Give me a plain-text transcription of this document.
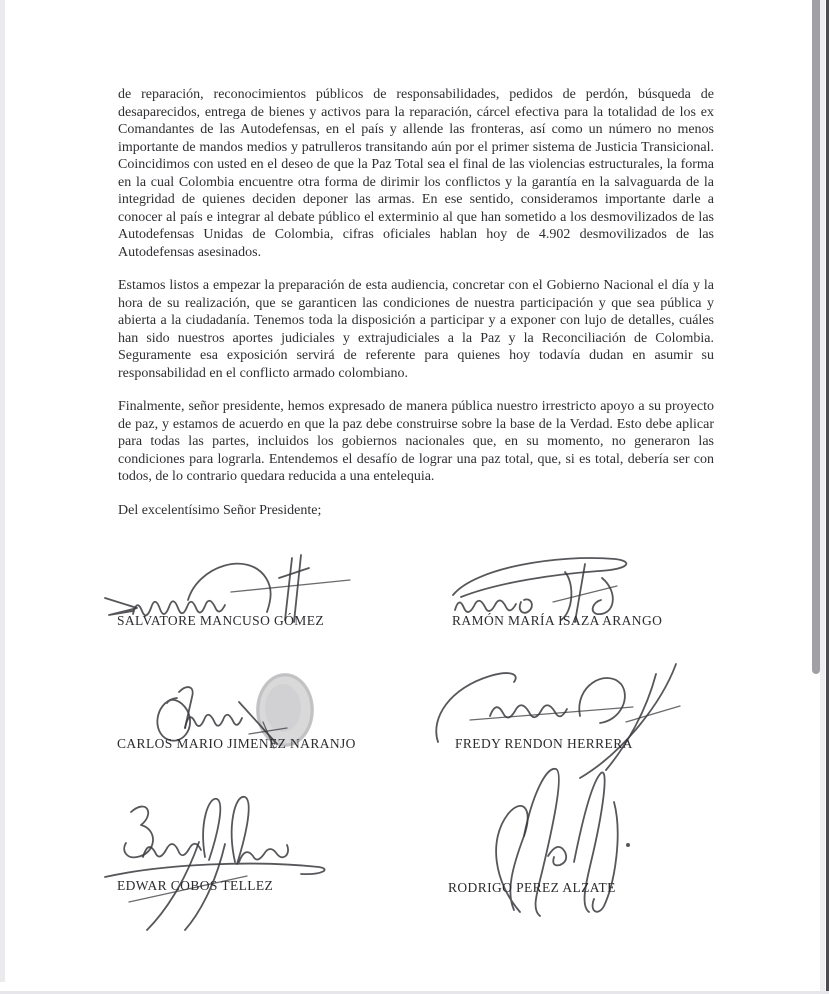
de reparación, reconocimientos públicos de responsabilidades, pedidos de perdón, búsqueda de desaparecidos, entrega de bienes y activos para la reparación, cárcel efectiva para la totalidad de los ex Comandantes de las Autodefensas, en el país y allende las fronteras, así como un número no menos importante de mandos medios y patrulleros transitando aún por el primer sistema de Justicia Transicional. Coincidimos con usted en el deseo de que la Paz Total sea el final de las violencias estructurales, la forma en la cual Colombia encuentre otra forma de dirimir los conflictos y la garantía en la salvaguarda de la integridad de quienes deciden deponer las armas. En ese sentido, consideramos importante darle a conocer al país e integrar al debate público el exterminio al que han sometido a los desmovilizados de las Autodefensas Unidas de Colombia, cifras oficiales hablan hoy de 4.902 desmovilizados de las Autodefensas asesinados.

Estamos listos a empezar la preparación de esta audiencia, concretar con el Gobierno Nacional el día y la hora de su realización, que se garanticen las condiciones de nuestra participación y que sea pública y abierta a la ciudadanía. Tenemos toda la disposición a participar y a exponer con lujo de detalles, cuáles han sido nuestros aportes judiciales y extrajudiciales a la Paz y la Reconciliación de Colombia. Seguramente esa exposición servirá de referente para quienes hoy todavía dudan en asumir su responsabilidad en el conflicto armado colombiano.

Finalmente, señor presidente, hemos expresado de manera pública nuestro irrestricto apoyo a su proyecto de paz, y estamos de acuerdo en que la paz debe construirse sobre la base de la Verdad. Esto debe aplicar para todas las partes, incluidos los gobiernos nacionales que, en su momento, no generaron las condiciones para lograrla. Entendemos el desafío de lograr una paz total, que, si es total, debería ser con todos, de lo contrario quedara reducida a una entelequia.

Del excelentísimo Señor Presidente;

SALVATORE MANCUSO GÓMEZ	RAMÓN MARÍA ISAZA ARANGO
CARLOS MARIO JIMENEZ NARANJO	FREDY RENDON HERRERA
EDWAR COBOS TELLEZ	RODRIGO PEREZ ALZATE
